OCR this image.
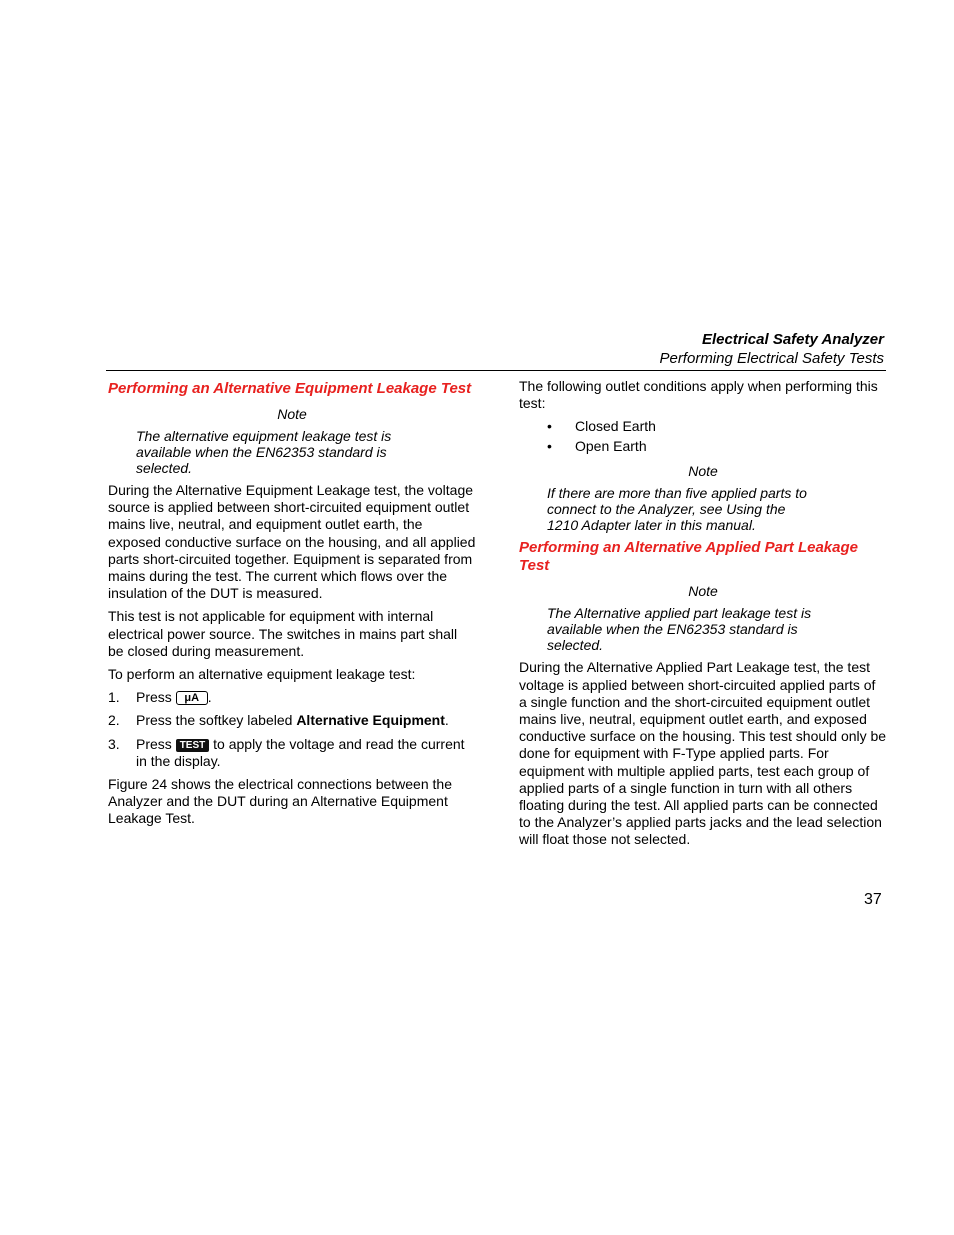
Electrical Safety Analyzer
Performing Electrical Safety Tests
Performing an Alternative Equipment Leakage Test
Note
The alternative equipment leakage test is available when the EN62353 standard is selected.

During the Alternative Equipment Leakage test, the voltage source is applied between short-circuited equipment outlet mains live, neutral, and equipment outlet earth, the exposed conductive surface on the housing, and all applied parts short-circuited together. Equipment is separated from mains during the test. The current which flows over the insulation of the DUT is measured.

This test is not applicable for equipment with internal electrical power source. The switches in mains part shall be closed during measurement.

To perform an alternative equipment leakage test:

1. Press μA .
2. Press the softkey labeled Alternative Equipment.
3. Press TEST to apply the voltage and read the current in the display.

Figure 24 shows the electrical connections between the Analyzer and the DUT during an Alternative Equipment Leakage Test.

The following outlet conditions apply when performing this test:

• Closed Earth
• Open Earth
Note
If there are more than five applied parts to connect to the Analyzer, see Using the 1210 Adapter later in this manual.
Performing an Alternative Applied Part Leakage Test
Note
The Alternative applied part leakage test is available when the EN62353 standard is selected.

During the Alternative Applied Part Leakage test, the test voltage is applied between short-circuited applied parts of a single function and the short-circuited equipment outlet mains live, neutral, equipment outlet earth, and exposed conductive surface on the housing. This test should only be done for equipment with F-Type applied parts. For equipment with multiple applied parts, test each group of applied parts of a single function in turn with all others floating during the test. All applied parts can be connected to the Analyzer’s applied parts jacks and the lead selection will float those not selected.

37
